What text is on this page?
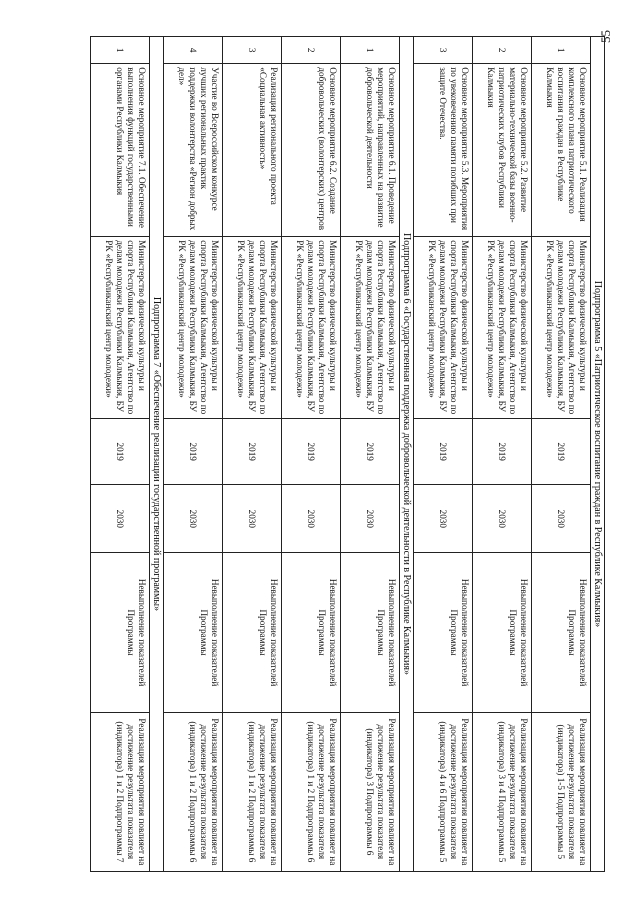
55
Подпрограмма 5 «Патриотическое воспитание граждан в Республике Калмыкия»						
1	Основное мероприятие 5.1. Реализация комплексного плана патриотического воспитания граждан в Республике Калмыкия	Министерство физической культуры и спорта Республики Калмыкия, Агентство по делам молодежи Республики Калмыкия, БУ РК «Республиканский центр молодежи»	2019	2030	Невыполнение показателей Программы	Реализация мероприятия повлияет на достижение результата показателя (индикатора) 1-5 Подпрограммы 5
2	Основное мероприятие 5.2. Развитие материально-технической базы военно-патриотических клубов Республики Калмыкия	Министерство физической культуры и спорта Республики Калмыкия, Агентство по делам молодежи Республики Калмыкия, БУ РК «Республиканский центр молодежи»	2019	2030	Невыполнение показателей Программы	Реализация мероприятия повлияет на достижение результата показателя (индикатора) 3 и 4 Подпрограммы 5
3	Основное мероприятие 5.3. Мероприятия по увековечению памяти погибших при защите Отечества.	Министерство физической культуры и спорта Республики Калмыкия, Агентство по делам молодежи Республики Калмыкия, БУ РК «Республиканский центр молодежи»	2019	2030	Невыполнение показателей Программы	Реализация мероприятия повлияет на достижение результата показателя (индикатора) 4 и 6 Подпрограммы 5
Подпрограмма 6 «Государственная поддержка добровольческой деятельности в Республике Калмыкия»						
1	Основное мероприятие 6.1. Проведение мероприятий, направленных на развитие добровольческой деятельности	Министерство физической культуры и спорта Республики Калмыкия, Агентство по делам молодежи Республики Калмыкия, БУ РК «Республиканский центр молодежи»	2019	2030	Невыполнение показателей Программы	Реализация мероприятия повлияет на достижение результата показателя (индикатора) 3 Подпрограммы 6
2	Основное мероприятие 6.2. Создание добровольческих (волонтерских) центров	Министерство физической культуры и спорта Республики Калмыкия, Агентство по делам молодежи Республики Калмыкия, БУ РК «Республиканский центр молодежи»	2019	2030	Невыполнение показателей Программы	Реализация мероприятия повлияет на достижение результата показателя (индикатора) 1 и 2 Подпрограммы 6
3	Реализация регионального проекта «Социальная активность»	Министерство физической культуры и спорта Республики Калмыкия, Агентство по делам молодежи Республики Калмыкия, БУ РК «Республиканский центр молодежи»	2019	2030	Невыполнение показателей Программы	Реализация мероприятия повлияет на достижение результата показателя (индикатора) 1 и 2 Подпрограммы 6
4	Участие во Всероссийском конкурсе лучших региональных практик поддержки волонтерства «Регион добрых дел»	Министерство физической культуры и спорта Республики Калмыкия, Агентство по делам молодежи Республики Калмыкия, БУ РК «Республиканский центр молодежи»	2019	2030	Невыполнение показателей Программы	Реализация мероприятия повлияет на достижение результата показателя (индикатора) 1 и 2 Подпрограммы 6
Подпрограмма 7 «Обеспечение реализации государственной программы»						
1	Основное мероприятие 7.1. Обеспечение выполнения функций государственными органами Республики Калмыкия	Министерство физической культуры и спорта Республики Калмыкия, Агентство по делам молодежи Республики Калмыкия, БУ РК «Республиканский центр молодежи»	2019	2030	Невыполнение показателей Программы	Реализация мероприятия повлияет на достижение результата показателя (индикатора) 1 и 2 Подпрограммы 7
